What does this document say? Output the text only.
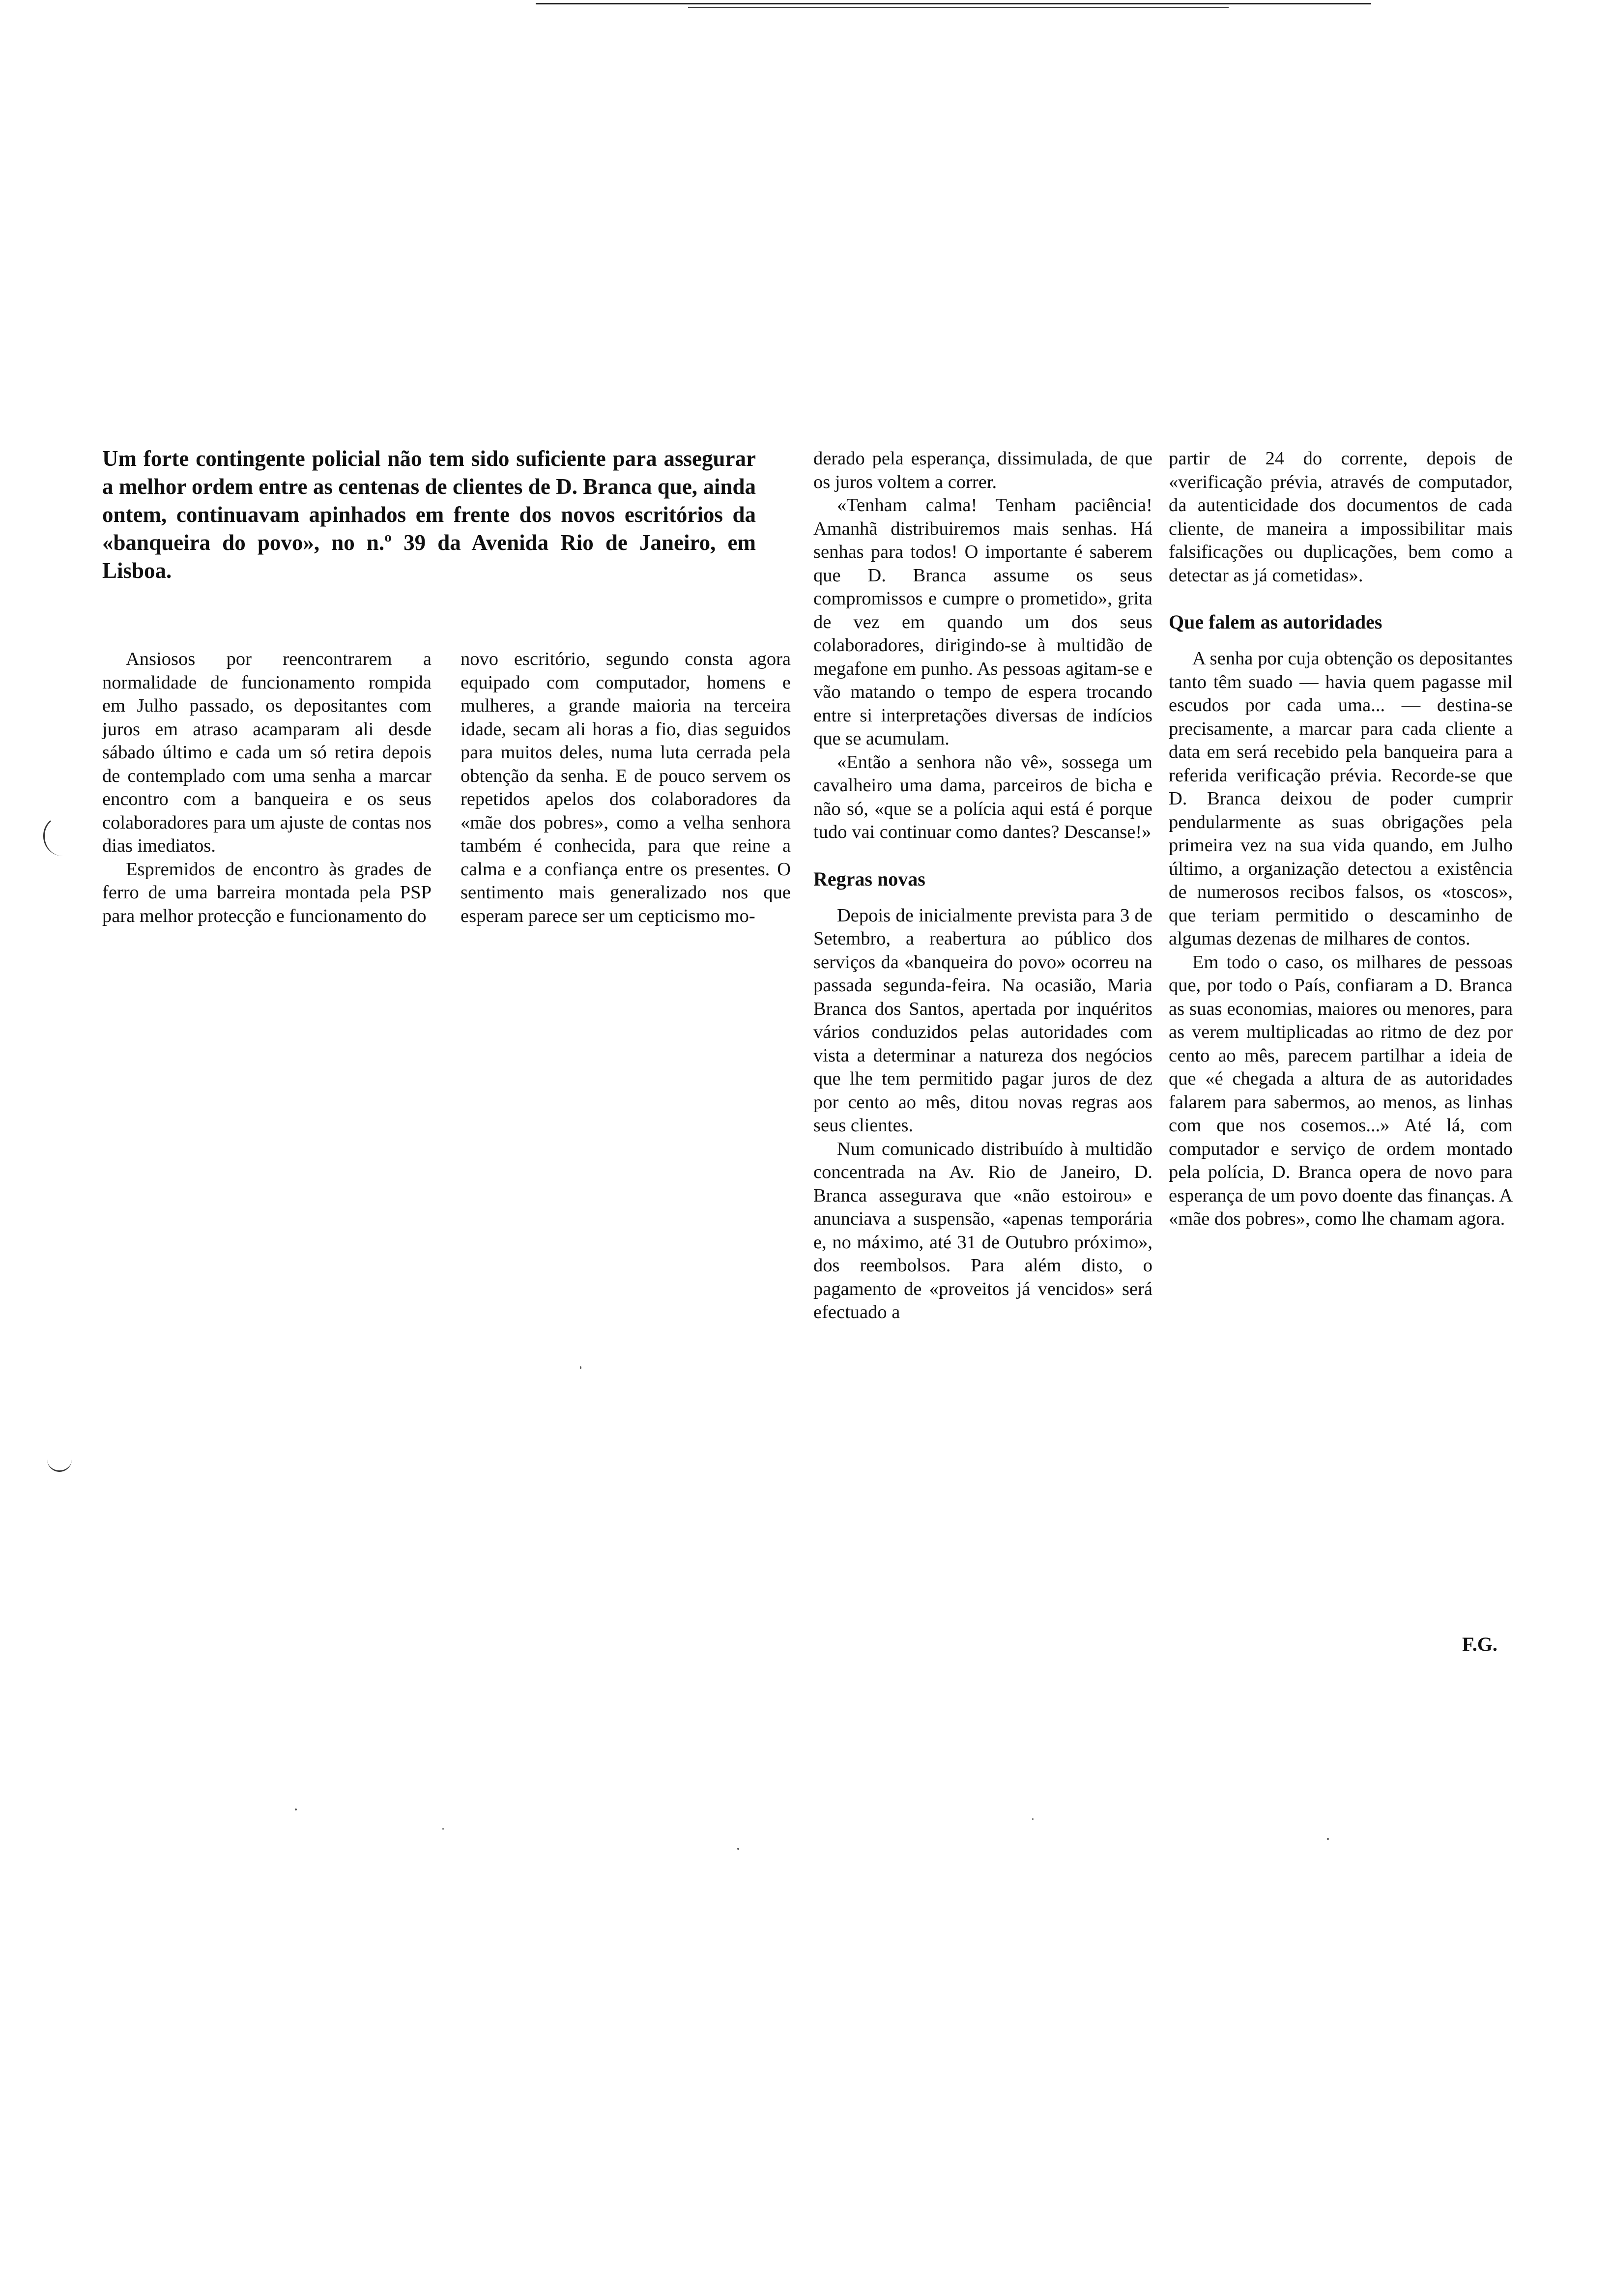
Um forte contingente policial não tem sido suficiente para assegurar a melhor ordem entre as centenas de clientes de D. Branca que, ainda ontem, continuavam apinhados em frente dos novos escritórios da «banqueira do povo», no n.º 39 da Avenida Rio de Janeiro, em Lisboa.

Ansiosos por reencontrarem a normalidade de funcionamento rompida em Julho passado, os depositantes com juros em atraso acamparam ali desde sábado último e cada um só retira depois de contemplado com uma senha a marcar encontro com a banqueira e os seus colaboradores para um ajuste de contas nos dias imediatos.

Espremidos de encontro às grades de ferro de uma barreira montada pela PSP para melhor protecção e funcionamento do

novo escritório, segundo consta agora equipado com computador, homens e mulheres, a grande maioria na terceira idade, secam ali horas a fio, dias seguidos para muitos deles, numa luta cerrada pela obtenção da senha. E de pouco servem os repetidos apelos dos colaboradores da «mãe dos pobres», como a velha senhora também é conhecida, para que reine a calma e a confiança entre os presentes. O sentimento mais generalizado nos que esperam parece ser um cepticismo mo-

derado pela esperança, dissimulada, de que os juros voltem a correr.

«Tenham calma! Tenham paciência! Amanhã distribuiremos mais senhas. Há senhas para todos! O importante é saberem que D. Branca assume os seus compromissos e cumpre o prometido», grita de vez em quando um dos seus colaboradores, dirigindo-se à multidão de megafone em punho. As pessoas agitam-se e vão matando o tempo de espera trocando entre si interpretações diversas de indícios que se acumulam.

«Então a senhora não vê», sossega um cavalheiro uma dama, parceiros de bicha e não só, «que se a polícia aqui está é porque tudo vai continuar como dantes? Descanse!»

Regras novas

Depois de inicialmente prevista para 3 de Setembro, a reabertura ao público dos serviços da «banqueira do povo» ocorreu na passada segunda-feira. Na ocasião, Maria Branca dos Santos, apertada por inquéritos vários conduzidos pelas autoridades com vista a determinar a natureza dos negócios que lhe tem permitido pagar juros de dez por cento ao mês, ditou novas regras aos seus clientes.

Num comunicado distribuído à multidão concentrada na Av. Rio de Janeiro, D. Branca assegurava que «não estoirou» e anunciava a suspensão, «apenas temporária e, no máximo, até 31 de Outubro próximo», dos reembolsos. Para além disto, o pagamento de «proveitos já vencidos» será efectuado a

partir de 24 do corrente, depois de «verificação prévia, através de computador, da autenticidade dos documentos de cada cliente, de maneira a impossibilitar mais falsificações ou duplicações, bem como a detectar as já cometidas».

Que falem as autoridades

A senha por cuja obtenção os depositantes tanto têm suado — havia quem pagasse mil escudos por cada uma... — destina-se precisamente, a marcar para cada cliente a data em será recebido pela banqueira para a referida verificação prévia. Recorde-se que D. Branca deixou de poder cumprir pendularmente as suas obrigações pela primeira vez na sua vida quando, em Julho último, a organização detectou a existência de numerosos recibos falsos, os «toscos», que teriam permitido o descaminho de algumas dezenas de milhares de contos.

Em todo o caso, os milhares de pessoas que, por todo o País, confiaram a D. Branca as suas economias, maiores ou menores, para as verem multiplicadas ao ritmo de dez por cento ao mês, parecem partilhar a ideia de que «é chegada a altura de as autoridades falarem para sabermos, ao menos, as linhas com que nos cosemos...» Até lá, com computador e serviço de ordem montado pela polícia, D. Branca opera de novo para esperança de um povo doente das finanças. A «mãe dos pobres», como lhe chamam agora.

F.G.
